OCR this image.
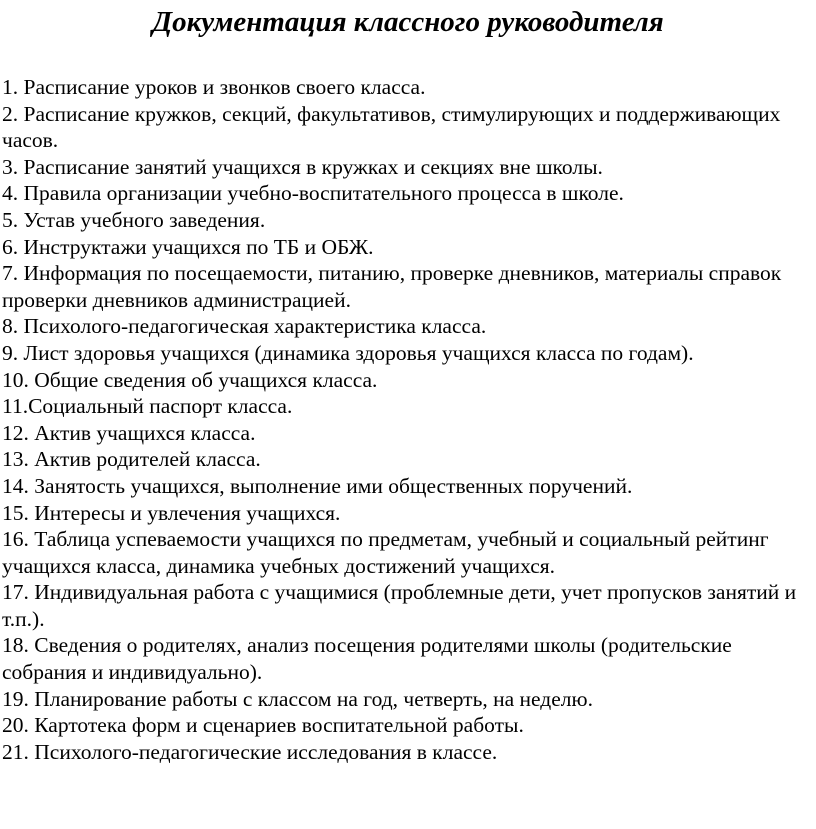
Документация классного руководителя
1. Расписание уроков и звонков своего класса.
2. Расписание кружков, секций, факультативов, стимулирующих и поддерживающих часов.
3. Расписание занятий учащихся в кружках и секциях вне школы.
4. Правила организации учебно-воспитательного процесса в школе.
5. Устав учебного заведения.
6. Инструктажи учащихся по ТБ и ОБЖ.
7. Информация по посещаемости, питанию, проверке дневников, материалы справок проверки дневников администрацией.
8. Психолого-педагогическая характеристика класса.
9. Лист здоровья учащихся (динамика здоровья учащихся класса по годам).
10. Общие сведения об учащихся класса.
11.Социальный паспорт класса.
12. Актив учащихся класса.
13. Актив родителей класса.
14. Занятость учащихся, выполнение ими общественных поручений.
15. Интересы и увлечения учащихся.
16. Таблица успеваемости учащихся по предметам, учебный и социальный рейтинг учащихся класса, динамика учебных достижений учащихся.
17. Индивидуальная работа с учащимися (проблемные дети, учет пропусков занятий и т.п.).
18. Сведения о родителях, анализ посещения родителями школы (родительские собрания и индивидуально).
19. Планирование работы с классом на год, четверть, на неделю.
20. Картотека форм и сценариев воспитательной работы.
21. Психолого-педагогические исследования в классе.
